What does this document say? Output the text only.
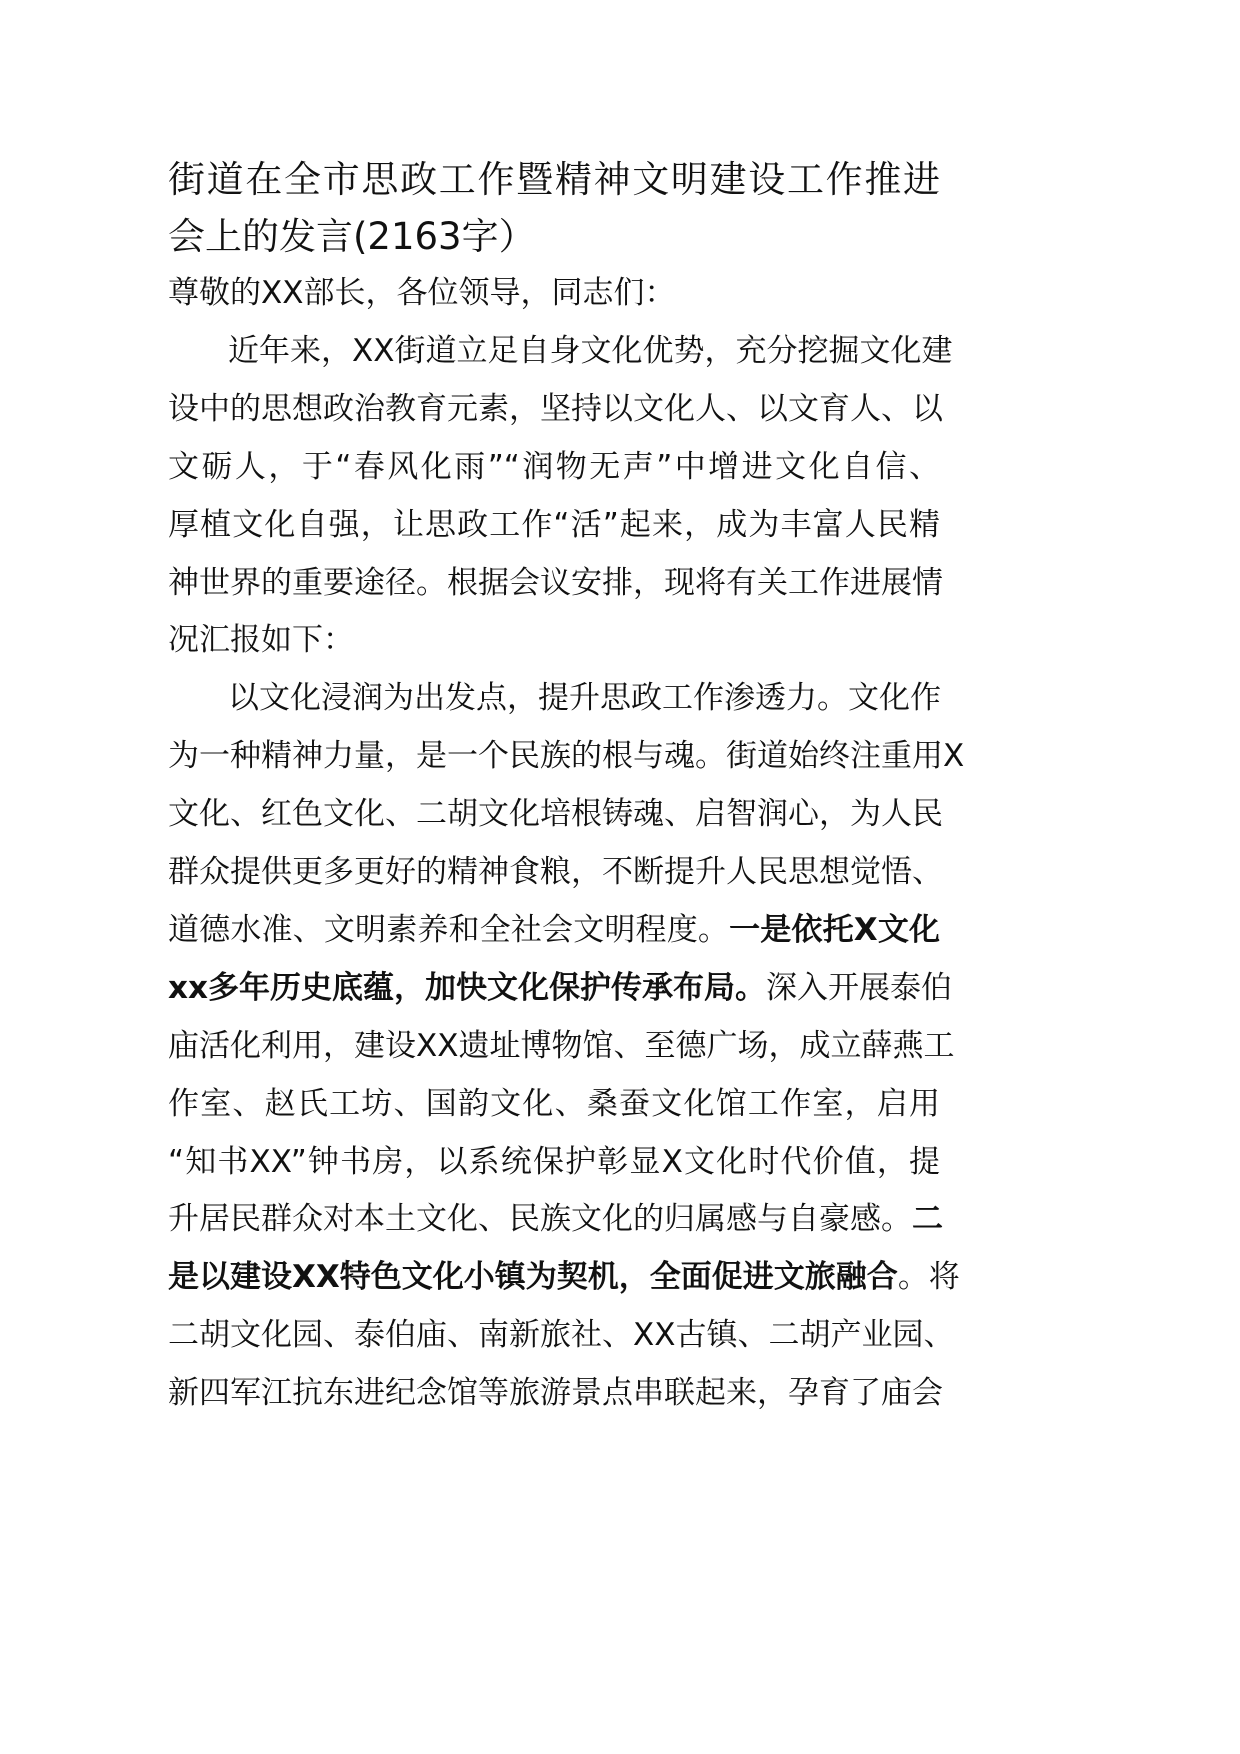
街道在全市思政工作暨精神文明建设工作推进
会上的发言(2163字）
尊敬的XX部长，各位领导，同志们：
近年来，XX街道立足自身文化优势，充分挖掘文化建
设中的思想政治教育元素，坚持以文化人、以文育人、以
文砺人，于“春风化雨”“润物无声”中增进文化自信、
厚植文化自强，让思政工作“活”起来，成为丰富人民精
神世界的重要途径。根据会议安排，现将有关工作进展情
况汇报如下：
以文化浸润为出发点，提升思政工作渗透力。文化作
为一种精神力量，是一个民族的根与魂。街道始终注重用X
文化、红色文化、二胡文化培根铸魂、启智润心，为人民
群众提供更多更好的精神食粮，不断提升人民思想觉悟、
道德水准、文明素养和全社会文明程度。一是依托X文化
xx多年历史底蕴，加快文化保护传承布局。深入开展泰伯
庙活化利用，建设XX遗址博物馆、至德广场，成立薛燕工
作室、赵氏工坊、国韵文化、桑蚕文化馆工作室，启用
“知书XX”钟书房，以系统保护彰显X文化时代价值，提
升居民群众对本土文化、民族文化的归属感与自豪感。二
是以建设XX特色文化小镇为契机，全面促进文旅融合。将
二胡文化园、泰伯庙、南新旅社、XX古镇、二胡产业园、
新四军江抗东进纪念馆等旅游景点串联起来，孕育了庙会
